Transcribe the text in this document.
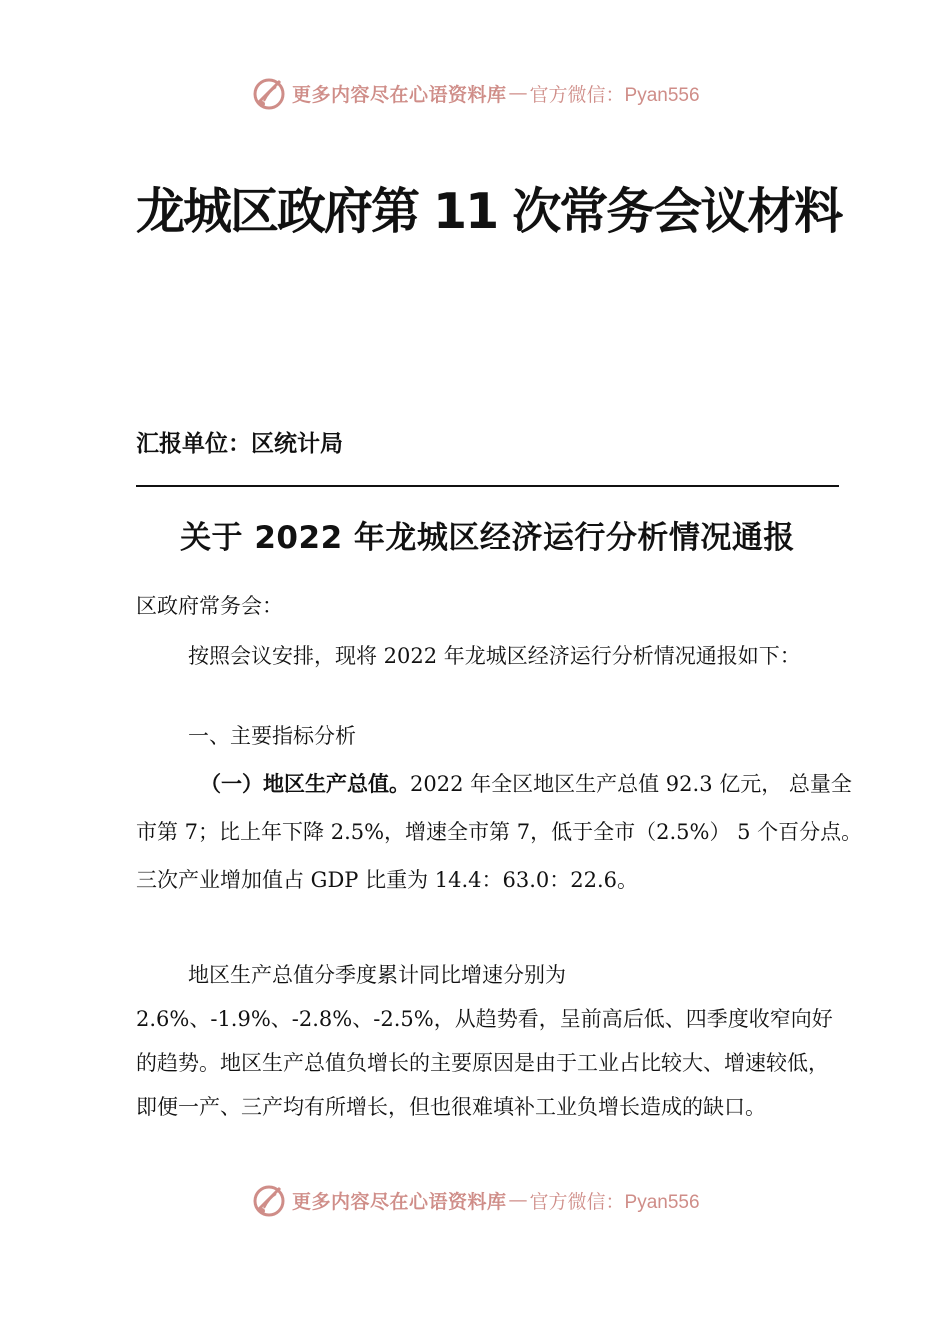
更多内容尽在心语资料库 — 官方微信：Pyan556
龙城区政府第 11 次常务会议材料

汇报单位：区统计局

关于 2022 年龙城区经济运行分析情况通报

区政府常务会：

按照会议安排，现将 2022 年龙城区经济运行分析情况通报如下：

一、主要指标分析

（一）地区生产总值。2022 年全区地区生产总值 92.3 亿元， 总量全市第 7；比上年下降 2.5%，增速全市第 7，低于全市（2.5%） 5 个百分点。三次产业增加值占 GDP 比重为 14.4：63.0：22.6。

地区生产总值分季度累计同比增速分别为 2.6%、-1.9%、-2.8%、-2.5%，从趋势看，呈前高后低、四季度收窄向好的趋势。地区生产总值负增长的主要原因是由于工业占比较大、增速较低，即便一产、三产均有所增长，但也很难填补工业负增长造成的缺口。

更多内容尽在心语资料库 — 官方微信：Pyan556
